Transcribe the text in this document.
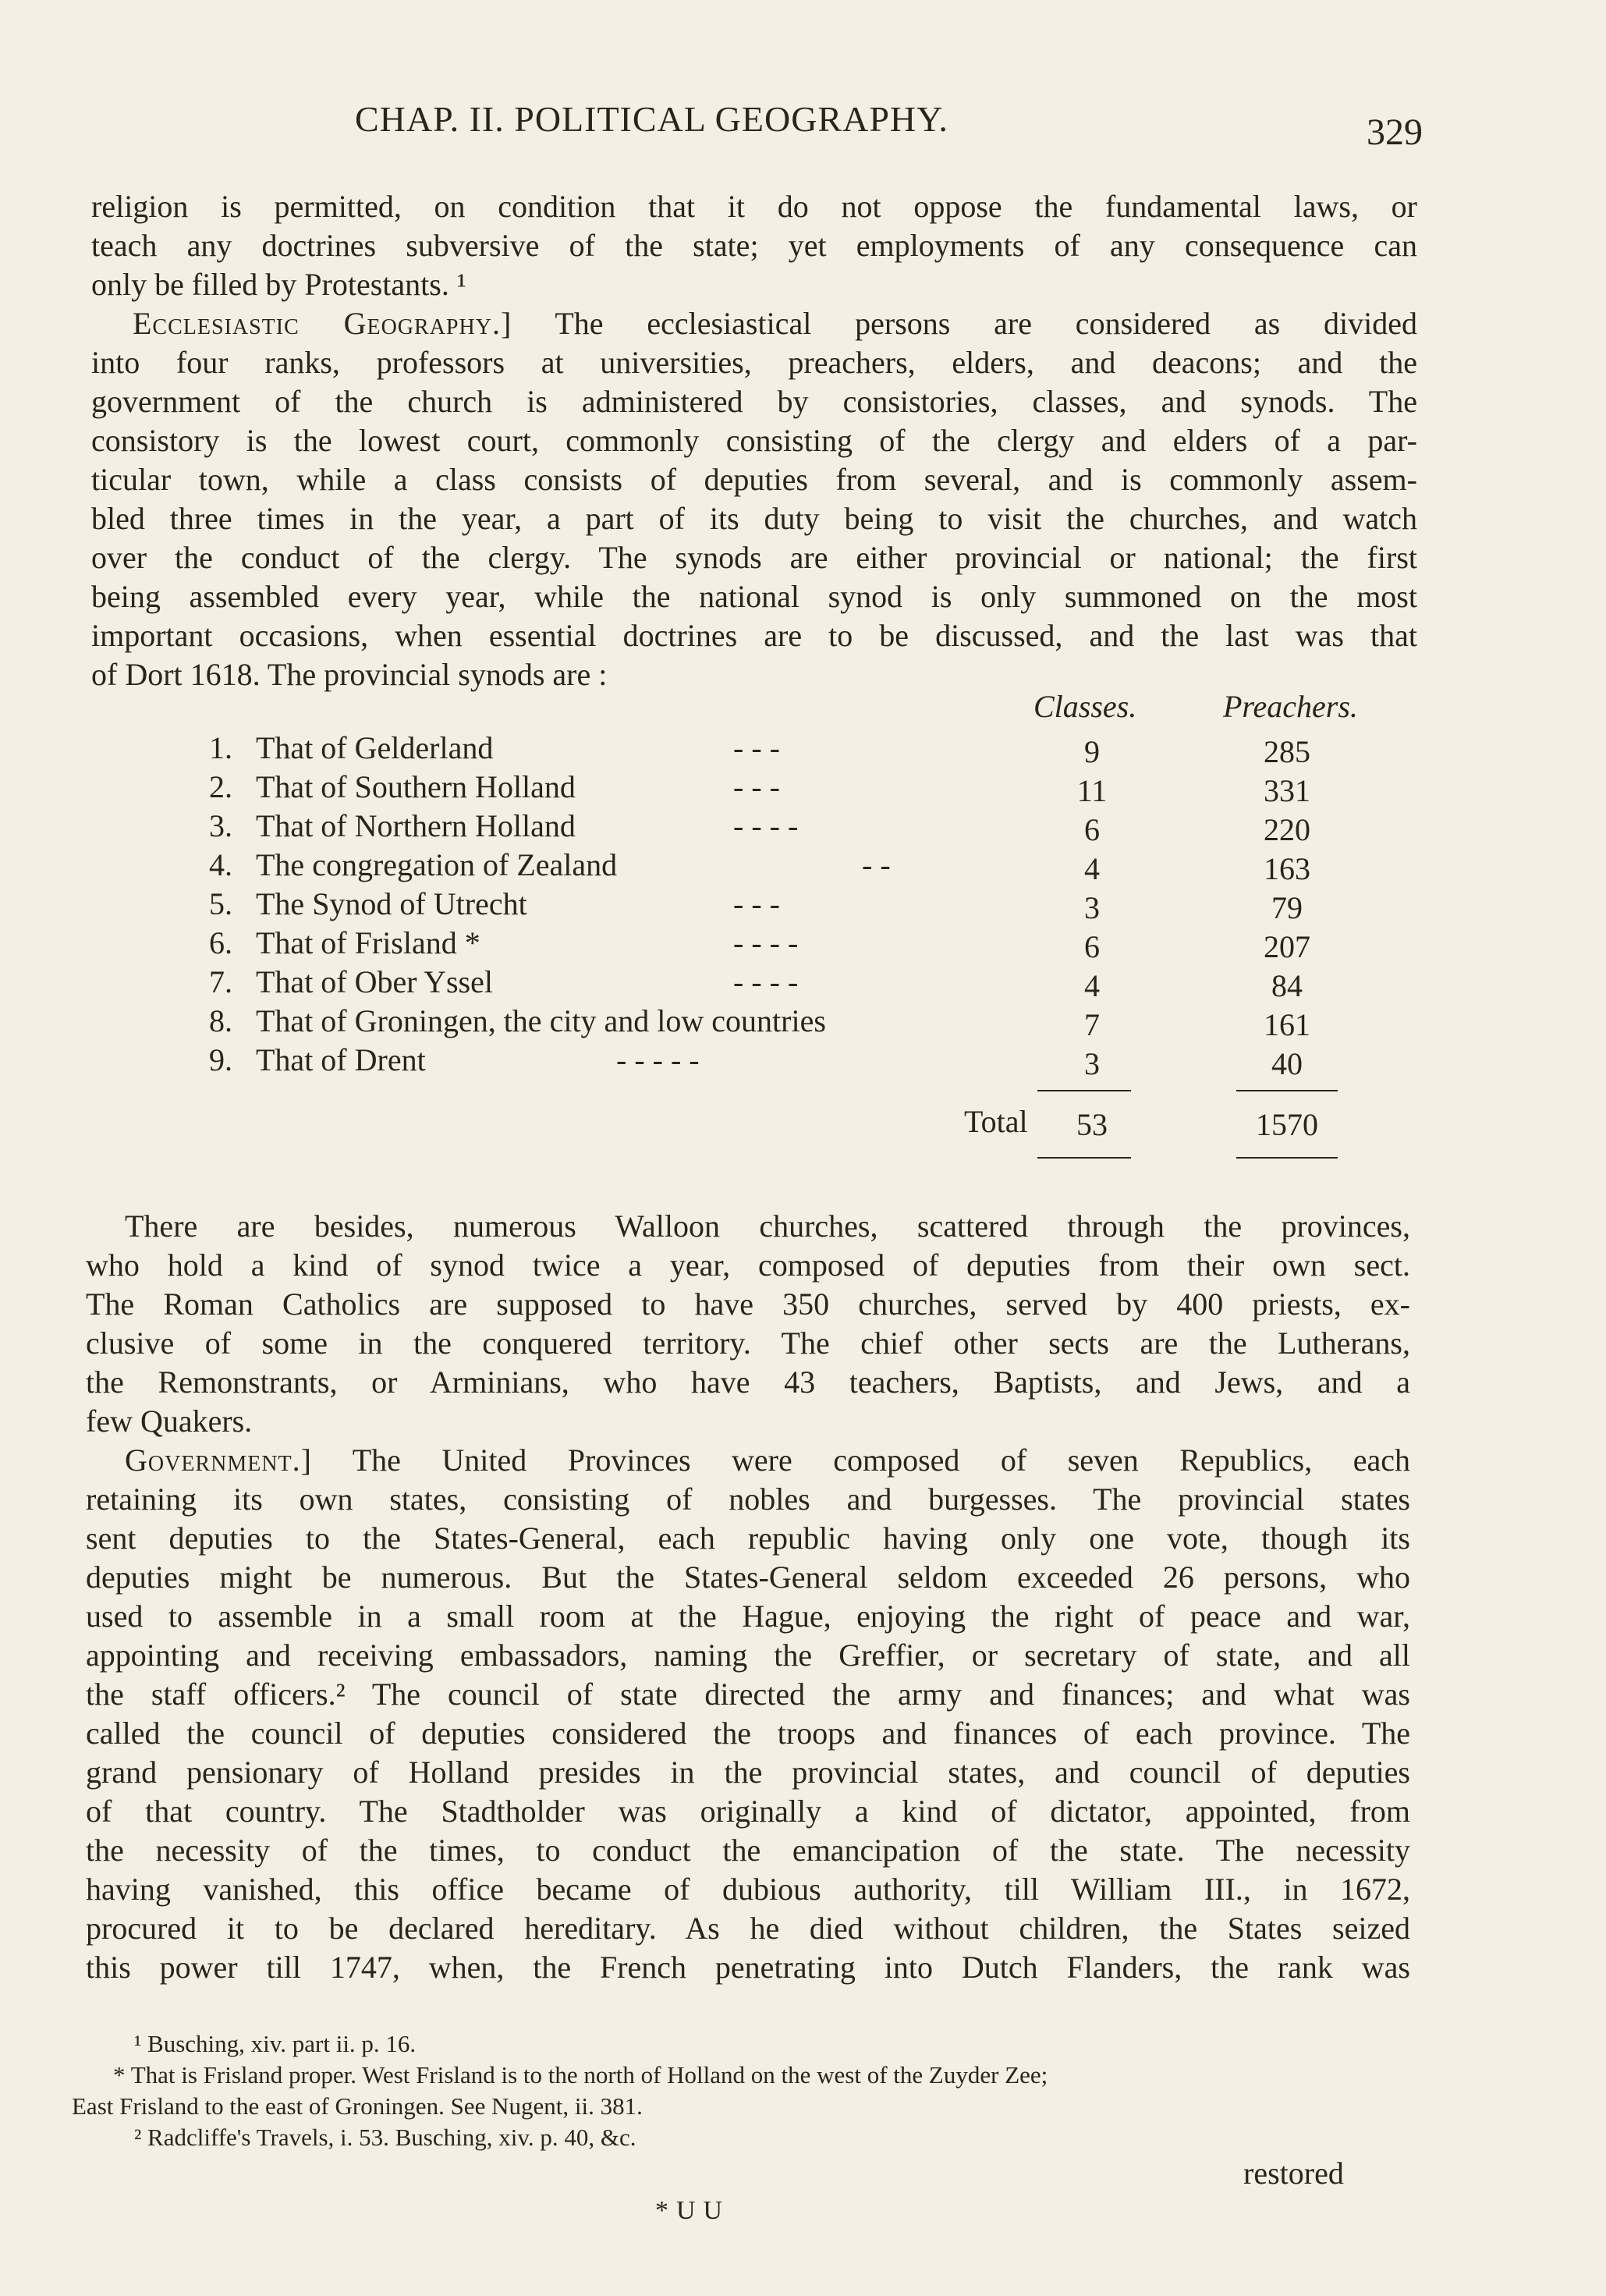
CHAP. II. POLITICAL GEOGRAPHY.	329
religion is permitted, on condition that it do not oppose the fundamental laws, or
teach any doctrines subversive of the state; yet employments of any consequence can
only be filled by Protestants. ¹
Ecclesiastic Geography.] The ecclesiastical persons are considered as divided
into four ranks, professors at universities, preachers, elders, and deacons; and the
government of the church is administered by consistories, classes, and synods. The
consistory is the lowest court, commonly consisting of the clergy and elders of a par-
ticular town, while a class consists of deputies from several, and is commonly assem-
bled three times in the year, a part of its duty being to visit the churches, and watch
over the conduct of the clergy. The synods are either provincial or national; the first
being assembled every year, while the national synod is only summoned on the most
important occasions, when essential doctrines are to be discussed, and the last was that
of Dort 1618. The provincial synods are :
Classes.	Preachers.
1. That of Gelderland	- - -	9	285
2. That of Southern Holland	- - -	11	331
3. That of Northern Holland	- - - -	6	220
4. The congregation of Zealand	- -	4	163
5. The Synod of Utrecht	- - -	3	79
6. That of Frisland *	- - - -	6	207
7. That of Ober Yssel	- - - -	4	84
8. That of Groningen, the city and low countries	7	161
9. That of Drent	- - - - -	3	40
Total	53	1570
There are besides, numerous Walloon churches, scattered through the provinces,
who hold a kind of synod twice a year, composed of deputies from their own sect.
The Roman Catholics are supposed to have 350 churches, served by 400 priests, ex-
clusive of some in the conquered territory. The chief other sects are the Lutherans,
the Remonstrants, or Arminians, who have 43 teachers, Baptists, and Jews, and a
few Quakers.
Government.] The United Provinces were composed of seven Republics, each
retaining its own states, consisting of nobles and burgesses. The provincial states
sent deputies to the States-General, each republic having only one vote, though its
deputies might be numerous. But the States-General seldom exceeded 26 persons, who
used to assemble in a small room at the Hague, enjoying the right of peace and war,
appointing and receiving embassadors, naming the Greffier, or secretary of state, and all
the staff officers.² The council of state directed the army and finances; and what was
called the council of deputies considered the troops and finances of each province. The
grand pensionary of Holland presides in the provincial states, and council of deputies
of that country. The Stadtholder was originally a kind of dictator, appointed, from
the necessity of the times, to conduct the emancipation of the state. The necessity
having vanished, this office became of dubious authority, till William III., in 1672,
procured it to be declared hereditary. As he died without children, the States seized
this power till 1747, when, the French penetrating into Dutch Flanders, the rank was
¹ Busching, xiv. part ii. p. 16.
* That is Frisland proper. West Frisland is to the north of Holland on the west of the Zuyder Zee;
East Frisland to the east of Groningen. See Nugent, ii. 381.
² Radcliffe's Travels, i. 53. Busching, xiv. p. 40, &c.
restored
*UU
